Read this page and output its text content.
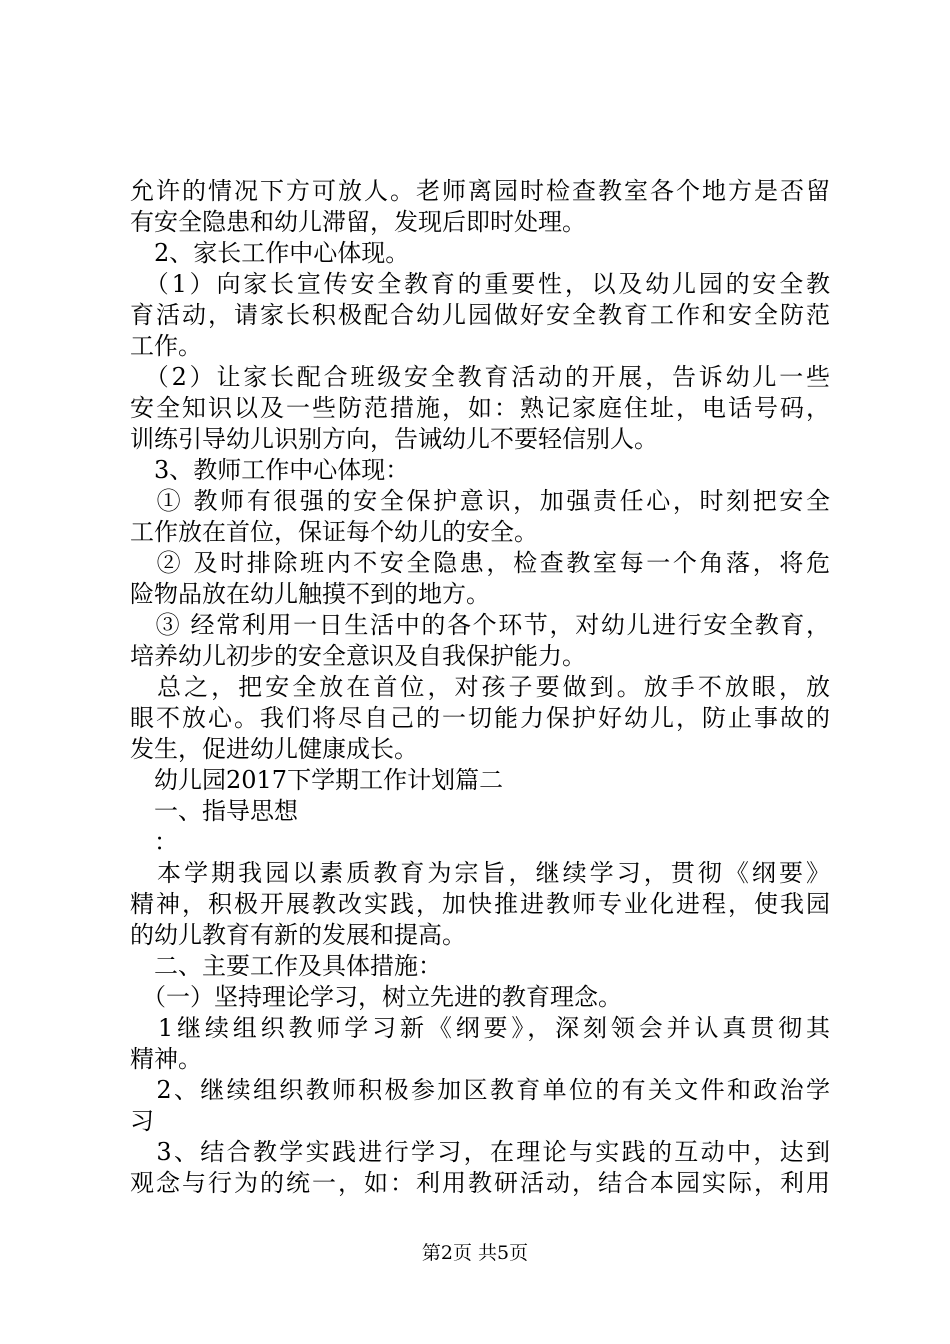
允许的情况下方可放人。老师离园时检查教室各个地方是否留
有安全隐患和幼儿滞留，发现后即时处理。
　2、家长工作中心体现。
　（1）向家长宣传安全教育的重要性，以及幼儿园的安全教
育活动，请家长积极配合幼儿园做好安全教育工作和安全防范
工作。
　（2）让家长配合班级安全教育活动的开展，告诉幼儿一些
安全知识以及一些防范措施，如：熟记家庭住址，电话号码，
训练引导幼儿识别方向，告诫幼儿不要轻信别人。
　3、教师工作中心体现：
　① 教师有很强的安全保护意识，加强责任心，时刻把安全
工作放在首位，保证每个幼儿的安全。
　② 及时排除班内不安全隐患，检查教室每一个角落，将危
险物品放在幼儿触摸不到的地方。
　③ 经常利用一日生活中的各个环节，对幼儿进行安全教育，
培养幼儿初步的安全意识及自我保护能力。
　总之，把安全放在首位，对孩子要做到。放手不放眼，放
眼不放心。我们将尽自己的一切能力保护好幼儿，防止事故的
发生，促进幼儿健康成长。
　幼儿园2017下学期工作计划篇二
　一、指导思想
　：
　本学期我园以素质教育为宗旨，继续学习，贯彻《纲要》
精神，积极开展教改实践，加快推进教师专业化进程，使我园
的幼儿教育有新的发展和提高。
　二、主要工作及具体措施：
　（一）坚持理论学习，树立先进的教育理念。
　1继续组织教师学习新《纲要》，深刻领会并认真贯彻其
精神。
　2、继续组织教师积极参加区教育单位的有关文件和政治学
习
　3、结合教学实践进行学习，在理论与实践的互动中，达到
观念与行为的统一，如：利用教研活动，结合本园实际，利用
第2页 共5页
